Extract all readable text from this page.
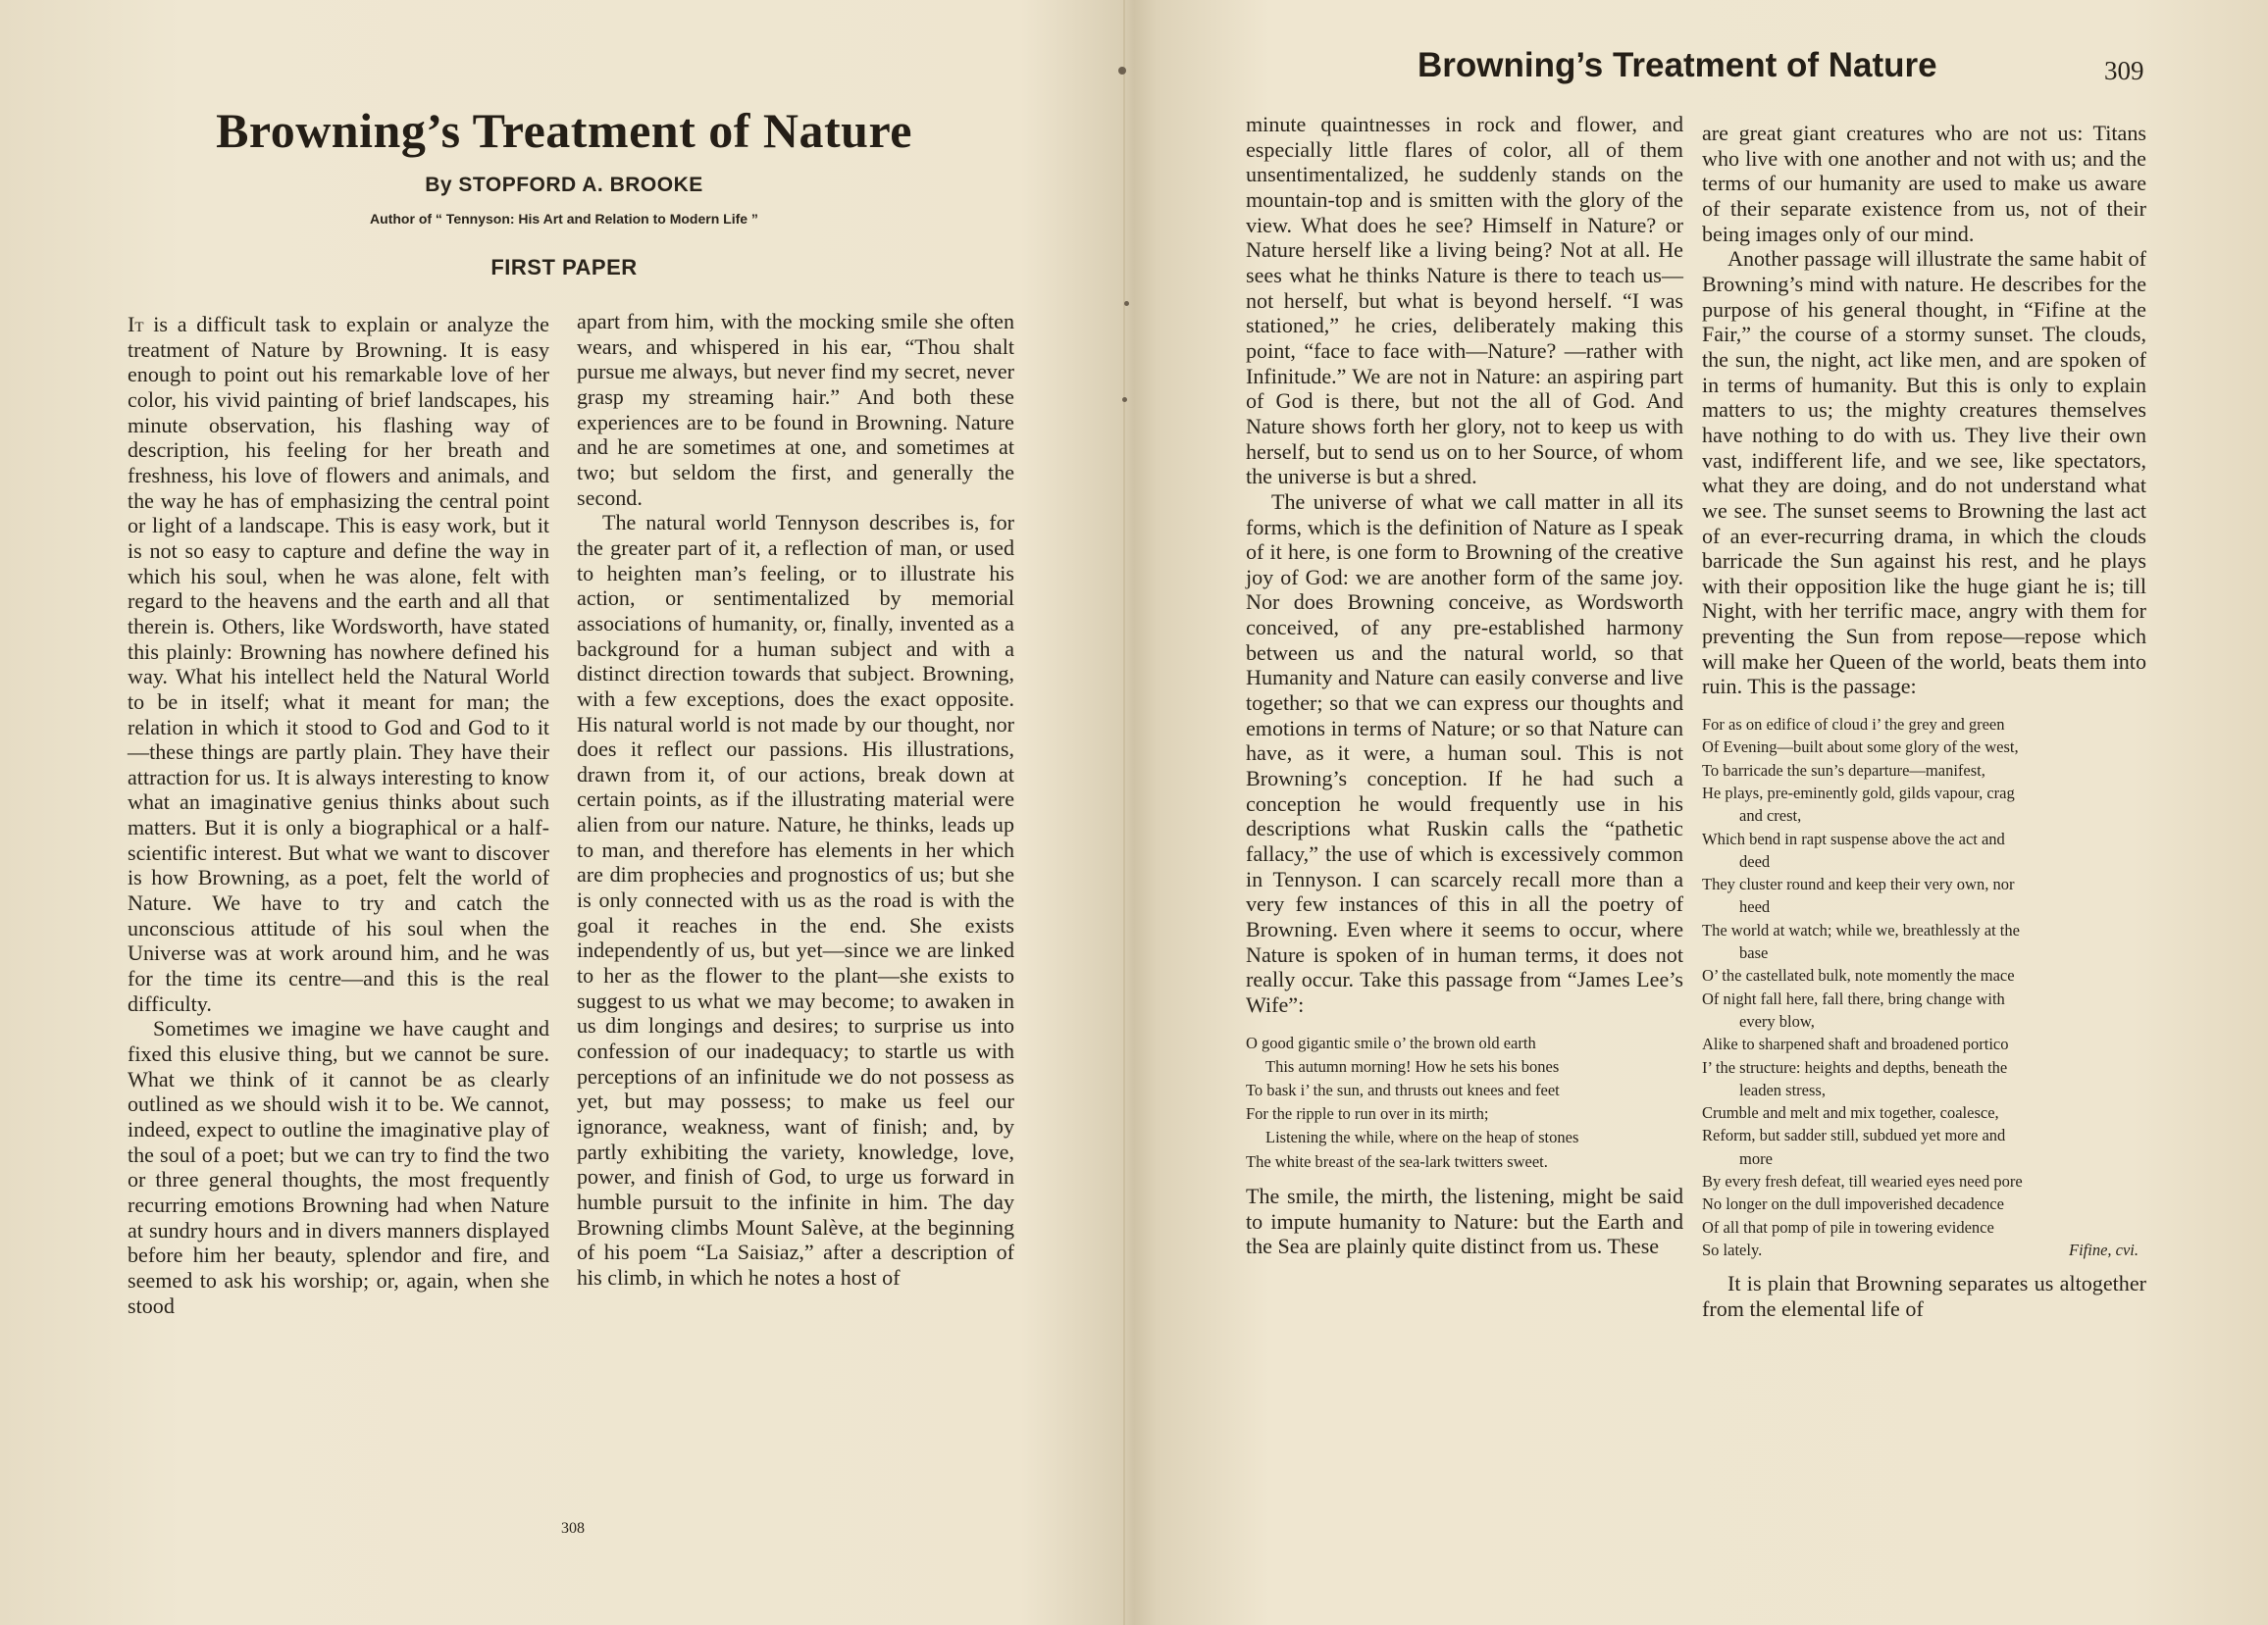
Browning’s Treatment of Nature
By STOPFORD A. BROOKE
Author of “ Tennyson: His Art and Relation to Modern Life ”
FIRST PAPER

It is a difficult task to explain or analyze the treatment of Nature by Browning. It is easy enough to point out his remarkable love of her color, his vivid painting of brief landscapes, his minute observation, his flashing way of description, his feeling for her breath and freshness, his love of flowers and animals, and the way he has of emphasizing the central point or light of a landscape. This is easy work, but it is not so easy to capture and define the way in which his soul, when he was alone, felt with regard to the heavens and the earth and all that therein is. Others, like Wordsworth, have stated this plainly: Browning has nowhere defined his way. What his intellect held the Natural World to be in itself; what it meant for man; the relation in which it stood to God and God to it—these things are partly plain. They have their attraction for us. It is always interesting to know what an imaginative genius thinks about such matters. But it is only a biographical or a half-scientific interest. But what we want to discover is how Browning, as a poet, felt the world of Nature. We have to try and catch the unconscious attitude of his soul when the Universe was at work around him, and he was for the time its centre—and this is the real difficulty.

Sometimes we imagine we have caught and fixed this elusive thing, but we cannot be sure. What we think of it cannot be as clearly outlined as we should wish it to be. We cannot, indeed, expect to outline the imaginative play of the soul of a poet; but we can try to find the two or three general thoughts, the most frequently recurring emotions Browning had when Nature at sundry hours and in divers manners displayed before him her beauty, splendor and fire, and seemed to ask his worship; or, again, when she stood

apart from him, with the mocking smile she often wears, and whispered in his ear, “Thou shalt pursue me always, but never find my secret, never grasp my streaming hair.” And both these experiences are to be found in Browning. Nature and he are sometimes at one, and sometimes at two; but seldom the first, and generally the second.

The natural world Tennyson describes is, for the greater part of it, a reflection of man, or used to heighten man’s feeling, or to illustrate his action, or sentimentalized by memorial associations of humanity, or, finally, invented as a background for a human subject and with a distinct direction towards that subject. Browning, with a few exceptions, does the exact opposite. His natural world is not made by our thought, nor does it reflect our passions. His illustrations, drawn from it, of our actions, break down at certain points, as if the illustrating material were alien from our nature. Nature, he thinks, leads up to man, and therefore has elements in her which are dim prophecies and prognostics of us; but she is only connected with us as the road is with the goal it reaches in the end. She exists independently of us, but yet—since we are linked to her as the flower to the plant—she exists to suggest to us what we may become; to awaken in us dim longings and desires; to surprise us into confession of our inadequacy; to startle us with perceptions of an infinitude we do not possess as yet, but may possess; to make us feel our ignorance, weakness, want of finish; and, by partly exhibiting the variety, knowledge, love, power, and finish of God, to urge us forward in humble pursuit to the infinite in him. The day Browning climbs Mount Salève, at the beginning of his poem “La Saisiaz,” after a description of his climb, in which he notes a host of

308
Browning’s Treatment of Nature	309

minute quaintnesses in rock and flower, and especially little flares of color, all of them unsentimentalized, he suddenly stands on the mountain-top and is smitten with the glory of the view. What does he see? Himself in Nature? or Nature herself like a living being? Not at all. He sees what he thinks Nature is there to teach us—not herself, but what is beyond herself. “I was stationed,” he cries, deliberately making this point, “face to face with—Nature? —rather with Infinitude.” We are not in Nature: an aspiring part of God is there, but not the all of God. And Nature shows forth her glory, not to keep us with herself, but to send us on to her Source, of whom the universe is but a shred.

The universe of what we call matter in all its forms, which is the definition of Nature as I speak of it here, is one form to Browning of the creative joy of God: we are another form of the same joy. Nor does Browning conceive, as Wordsworth conceived, of any pre-established harmony between us and the natural world, so that Humanity and Nature can easily converse and live together; so that we can express our thoughts and emotions in terms of Nature; or so that Nature can have, as it were, a human soul. This is not Browning’s conception. If he had such a conception he would frequently use in his descriptions what Ruskin calls the “pathetic fallacy,” the use of which is excessively common in Tennyson. I can scarcely recall more than a very few instances of this in all the poetry of Browning. Even where it seems to occur, where Nature is spoken of in human terms, it does not really occur. Take this passage from “James Lee’s Wife”:

O good gigantic smile o’ the brown old earth
This autumn morning! How he sets his bones
To bask i’ the sun, and thrusts out knees and feet
For the ripple to run over in its mirth;
Listening the while, where on the heap of stones
The white breast of the sea-lark twitters sweet.

The smile, the mirth, the listening, might be said to impute humanity to Nature: but the Earth and the Sea are plainly quite distinct from us. These

are great giant creatures who are not us: Titans who live with one another and not with us; and the terms of our humanity are used to make us aware of their separate existence from us, not of their being images only of our mind.

Another passage will illustrate the same habit of Browning’s mind with nature. He describes for the purpose of his general thought, in “Fifine at the Fair,” the course of a stormy sunset. The clouds, the sun, the night, act like men, and are spoken of in terms of humanity. But this is only to explain matters to us; the mighty creatures themselves have nothing to do with us. They live their own vast, indifferent life, and we see, like spectators, what they are doing, and do not understand what we see. The sunset seems to Browning the last act of an ever-recurring drama, in which the clouds barricade the Sun against his rest, and he plays with their opposition like the huge giant he is; till Night, with her terrific mace, angry with them for preventing the Sun from repose—repose which will make her Queen of the world, beats them into ruin. This is the passage:

For as on edifice of cloud i’ the grey and green
Of Evening—built about some glory of the west,
To barricade the sun’s departure—manifest,
He plays, pre-eminently gold, gilds vapour, crag
and crest,
Which bend in rapt suspense above the act and
deed
They cluster round and keep their very own, nor
heed
The world at watch; while we, breathlessly at the
base
O’ the castellated bulk, note momently the mace
Of night fall here, fall there, bring change with
every blow,
Alike to sharpened shaft and broadened portico
I’ the structure: heights and depths, beneath the
leaden stress,
Crumble and melt and mix together, coalesce,
Reform, but sadder still, subdued yet more and
more
By every fresh defeat, till wearied eyes need pore
No longer on the dull impoverished decadence
Of all that pomp of pile in towering evidence
So lately.	Fifine, cvi.

It is plain that Browning separates us altogether from the elemental life of
